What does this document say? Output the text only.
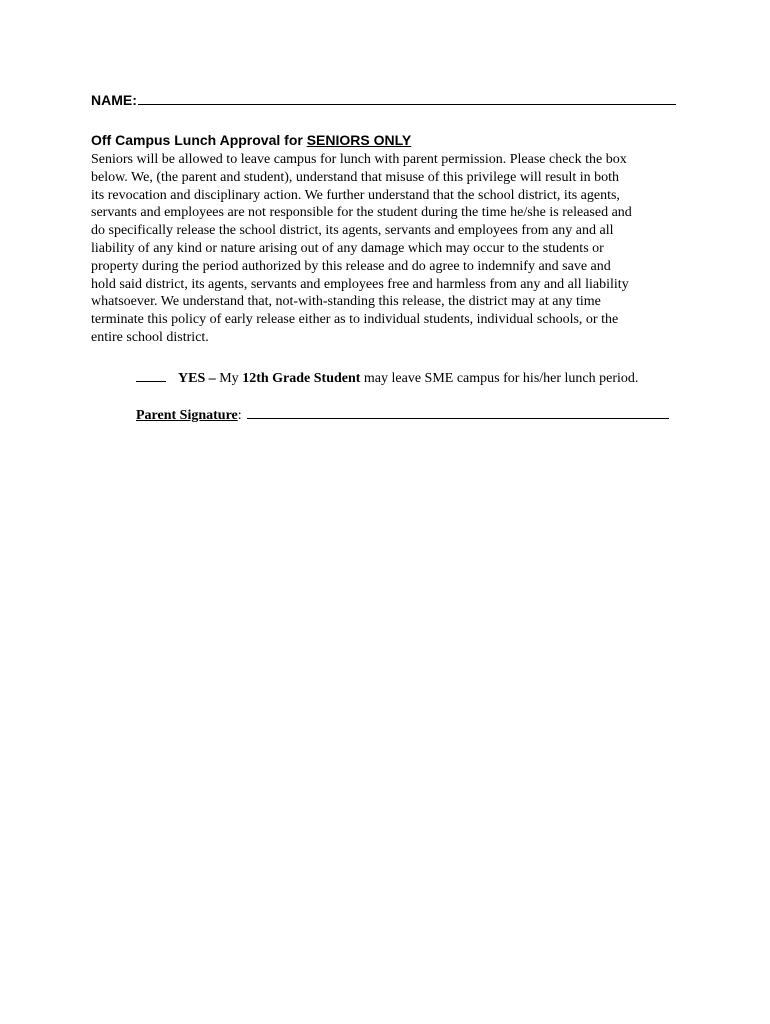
NAME:
Off Campus Lunch Approval for SENIORS ONLY
Seniors will be allowed to leave campus for lunch with parent permission. Please check the box
below. We, (the parent and student), understand that misuse of this privilege will result in both
its revocation and disciplinary action. We further understand that the school district, its agents,
servants and employees are not responsible for the student during the time he/she is released and
do specifically release the school district, its agents, servants and employees from any and all
liability of any kind or nature arising out of any damage which may occur to the students or
property during the period authorized by this release and do agree to indemnify and save and
hold said district, its agents, servants and employees free and harmless from any and all liability
whatsoever. We understand that, not-with-standing this release, the district may at any time
terminate this policy of early release either as to individual students, individual schools, or the
entire school district.
YES – My 12th Grade Student may leave SME campus for his/her lunch period.
Parent Signature:
